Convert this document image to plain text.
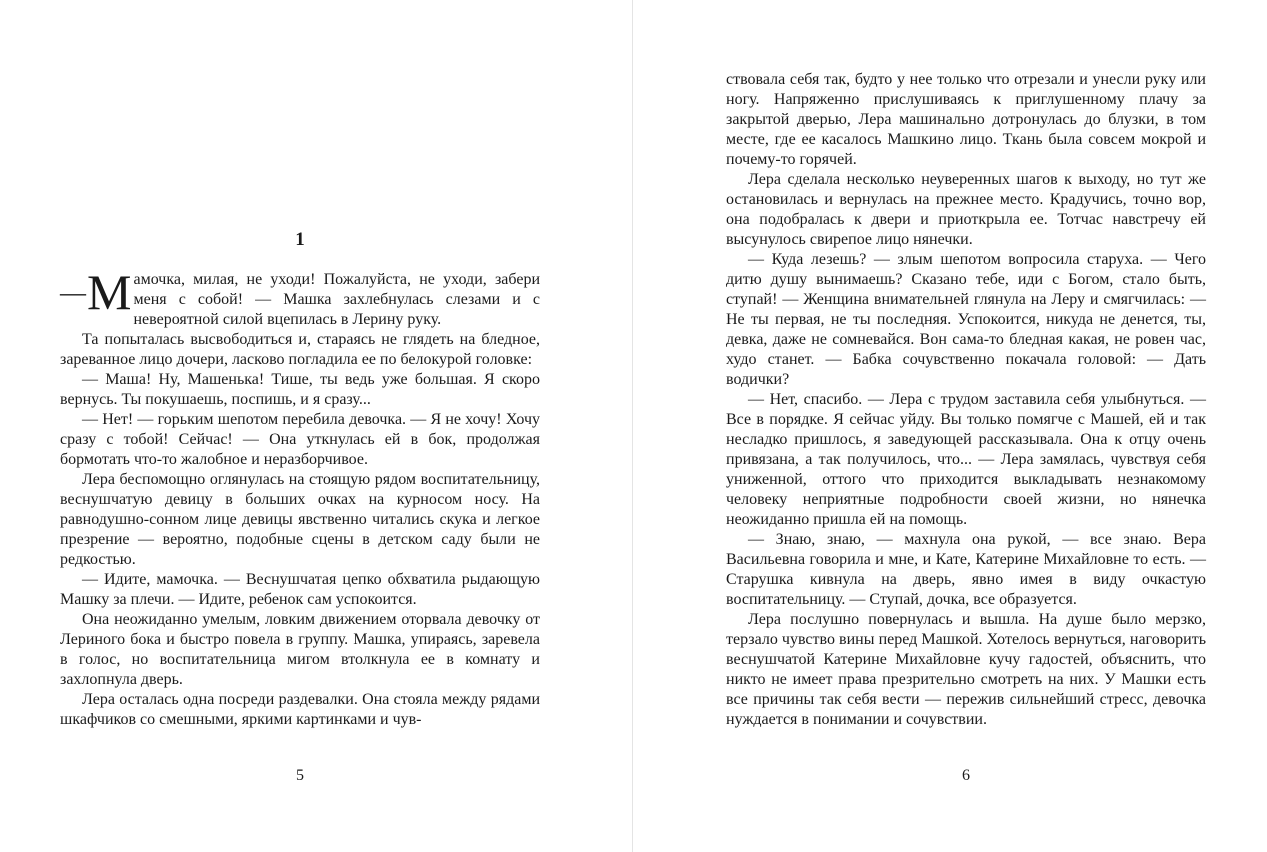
1

— М амочка, милая, не уходи! Пожалуйста, не уходи, забери меня с собой! — Машка захлебнулась слезами и с невероятной силой вцепилась в Лерину руку.

Та попыталась высвободиться и, стараясь не глядеть на бледное, зареванное лицо дочери, ласково погладила ее по белокурой головке:

— Маша! Ну, Машенька! Тише, ты ведь уже большая. Я скоро вернусь. Ты покушаешь, поспишь, и я сразу...

— Нет! — горьким шепотом перебила девочка. — Я не хочу! Хочу сразу с тобой! Сейчас! — Она уткнулась ей в бок, продолжая бормотать что-то жалобное и неразборчивое.

Лера беспомощно оглянулась на стоящую рядом воспитательницу, веснушчатую девицу в больших очках на курносом носу. На равнодушно-сонном лице девицы явственно читались скука и легкое презрение — вероятно, подобные сцены в детском саду были не редкостью.

— Идите, мамочка. — Веснушчатая цепко обхватила рыдающую Машку за плечи. — Идите, ребенок сам успокоится.

Она неожиданно умелым, ловким движением оторвала девочку от Лериного бока и быстро повела в группу. Машка, упираясь, заревела в голос, но воспитательница мигом втолкнула ее в комнату и захлопнула дверь.

Лера осталась одна посреди раздевалки. Она стояла между рядами шкафчиков со смешными, яркими картинками и чув-

5

ствовала себя так, будто у нее только что отрезали и унесли руку или ногу. Напряженно прислушиваясь к приглушенному плачу за закрытой дверью, Лера машинально дотронулась до блузки, в том месте, где ее касалось Машкино лицо. Ткань была совсем мокрой и почему-то горячей.

Лера сделала несколько неуверенных шагов к выходу, но тут же остановилась и вернулась на прежнее место. Крадучись, точно вор, она подобралась к двери и приоткрыла ее. Тотчас навстречу ей высунулось свирепое лицо нянечки.

— Куда лезешь? — злым шепотом вопросила старуха. — Чего дитю душу вынимаешь? Сказано тебе, иди с Богом, стало быть, ступай! — Женщина внимательней глянула на Леру и смягчилась: — Не ты первая, не ты последняя. Успокоится, никуда не денется, ты, девка, даже не сомневайся. Вон сама-то бледная какая, не ровен час, худо станет. — Бабка сочувственно покачала головой: — Дать водички?

— Нет, спасибо. — Лера с трудом заставила себя улыбнуться. — Все в порядке. Я сейчас уйду. Вы только помягче с Машей, ей и так несладко пришлось, я заведующей рассказывала. Она к отцу очень привязана, а так получилось, что... — Лера замялась, чувствуя себя униженной, оттого что приходится выкладывать незнакомому человеку неприятные подробности своей жизни, но нянечка неожиданно пришла ей на помощь.

— Знаю, знаю, — махнула она рукой, — все знаю. Вера Васильевна говорила и мне, и Кате, Катерине Михайловне то есть. — Старушка кивнула на дверь, явно имея в виду очкастую воспитательницу. — Ступай, дочка, все образуется.

Лера послушно повернулась и вышла. На душе было мерзко, терзало чувство вины перед Машкой. Хотелось вернуться, наговорить веснушчатой Катерине Михайловне кучу гадостей, объяснить, что никто не имеет права презрительно смотреть на них. У Машки есть все причины так себя вести — пережив сильнейший стресс, девочка нуждается в понимании и сочувствии.

6
